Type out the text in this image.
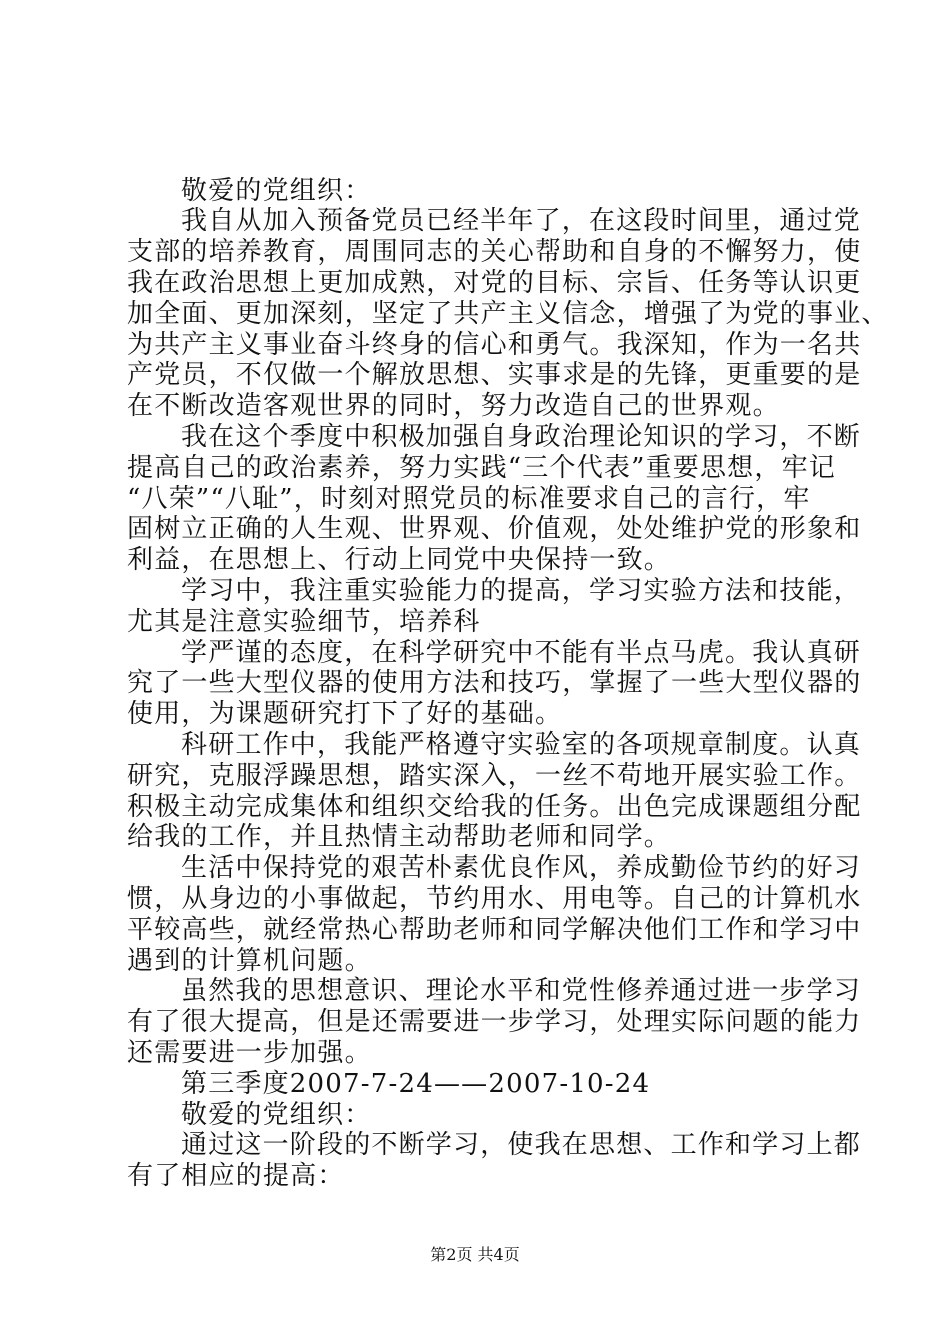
敬爱的党组织：
我自从加入预备党员已经半年了，在这段时间里，通过党
支部的培养教育，周围同志的关心帮助和自身的不懈努力，使
我在政治思想上更加成熟，对党的目标、宗旨、任务等认识更
加全面、更加深刻，坚定了共产主义信念，增强了为党的事业、
为共产主义事业奋斗终身的信心和勇气。我深知，作为一名共
产党员，不仅做一个解放思想、实事求是的先锋，更重要的是
在不断改造客观世界的同时，努力改造自己的世界观。
我在这个季度中积极加强自身政治理论知识的学习，不断
提高自己的政治素养，努力实践“三个代表”重要思想，牢记
“八荣”“八耻”，时刻对照党员的标准要求自己的言行，牢
固树立正确的人生观、世界观、价值观，处处维护党的形象和
利益，在思想上、行动上同党中央保持一致。
学习中，我注重实验能力的提高，学习实验方法和技能，
尤其是注意实验细节，培养科
学严谨的态度，在科学研究中不能有半点马虎。我认真研
究了一些大型仪器的使用方法和技巧，掌握了一些大型仪器的
使用，为课题研究打下了好的基础。
科研工作中，我能严格遵守实验室的各项规章制度。认真
研究，克服浮躁思想，踏实深入，一丝不苟地开展实验工作。
积极主动完成集体和组织交给我的任务。出色完成课题组分配
给我的工作，并且热情主动帮助老师和同学。
生活中保持党的艰苦朴素优良作风，养成勤俭节约的好习
惯，从身边的小事做起，节约用水、用电等。自己的计算机水
平较高些，就经常热心帮助老师和同学解决他们工作和学习中
遇到的计算机问题。
虽然我的思想意识、理论水平和党性修养通过进一步学习
有了很大提高，但是还需要进一步学习，处理实际问题的能力
还需要进一步加强。
第三季度2007-7-24——2007-10-24
敬爱的党组织：
通过这一阶段的不断学习，使我在思想、工作和学习上都
有了相应的提高：
第2页 共4页
